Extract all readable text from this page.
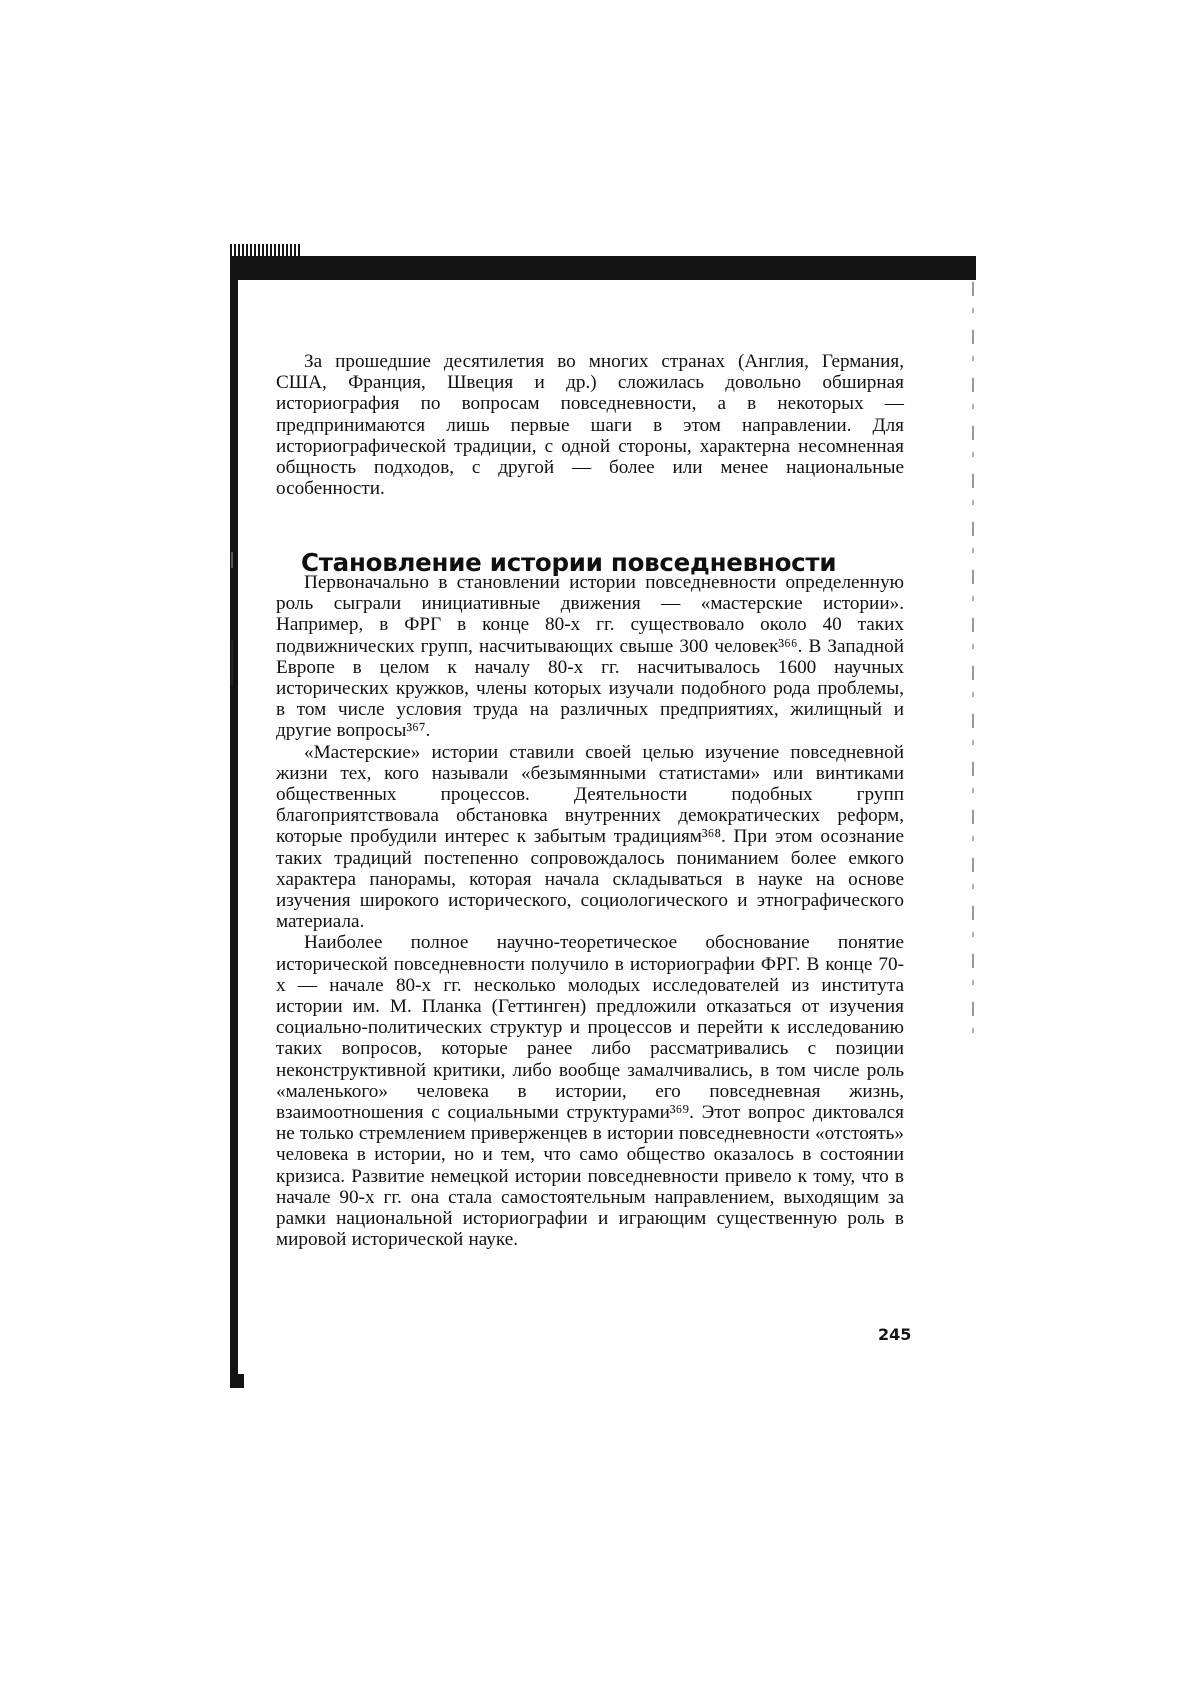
За прошедшие десятилетия во многих странах (Англия, Германия, США, Франция, Швеция и др.) сложилась довольно обширная историография по вопросам повседневности, а в некоторых — предпринимаются лишь первые шаги в этом направлении. Для историографической традиции, с одной стороны, характерна несомненная общность подходов, с другой — более или менее национальные особенности.

Становление истории повседневности

Первоначально в становлении истории повседневности определенную роль сыграли инициативные движения — «мастерские истории». Например, в ФРГ в конце 80-х гг. существовало около 40 таких подвижнических групп, насчитывающих свыше 300 человек³⁶⁶. В Западной Европе в целом к началу 80-х гг. насчитывалось 1600 научных исторических кружков, члены которых изучали подобного рода проблемы, в том числе условия труда на различных предприятиях, жилищный и другие вопросы³⁶⁷.

«Мастерские» истории ставили своей целью изучение повседневной жизни тех, кого называли «безымянными статистами» или винтиками общественных процессов. Деятельности подобных групп благоприятствовала обстановка внутренних демократических реформ, которые пробудили интерес к забытым традициям³⁶⁸. При этом осознание таких традиций постепенно сопровождалось пониманием более емкого характера панорамы, которая начала складываться в науке на основе изучения широкого исторического, социологического и этнографического материала.

Наиболее полное научно-теоретическое обоснование понятие исторической повседневности получило в историографии ФРГ. В конце 70-х — начале 80-х гг. несколько молодых исследователей из института истории им. М. Планка (Геттинген) предложили отказаться от изучения социально-политических структур и процессов и перейти к исследованию таких вопросов, которые ранее либо рассматривались с позиции неконструктивной критики, либо вообще замалчивались, в том числе роль «маленького» человека в истории, его повседневная жизнь, взаимоотношения с социальными структурами³⁶⁹. Этот вопрос диктовался не только стремлением приверженцев в истории повседневности «отстоять» человека в истории, но и тем, что само общество оказалось в состоянии кризиса. Развитие немецкой истории повседневности привело к тому, что в начале 90-х гг. она стала самостоятельным направлением, выходящим за рамки национальной историографии и играющим существенную роль в мировой исторической науке.

245
